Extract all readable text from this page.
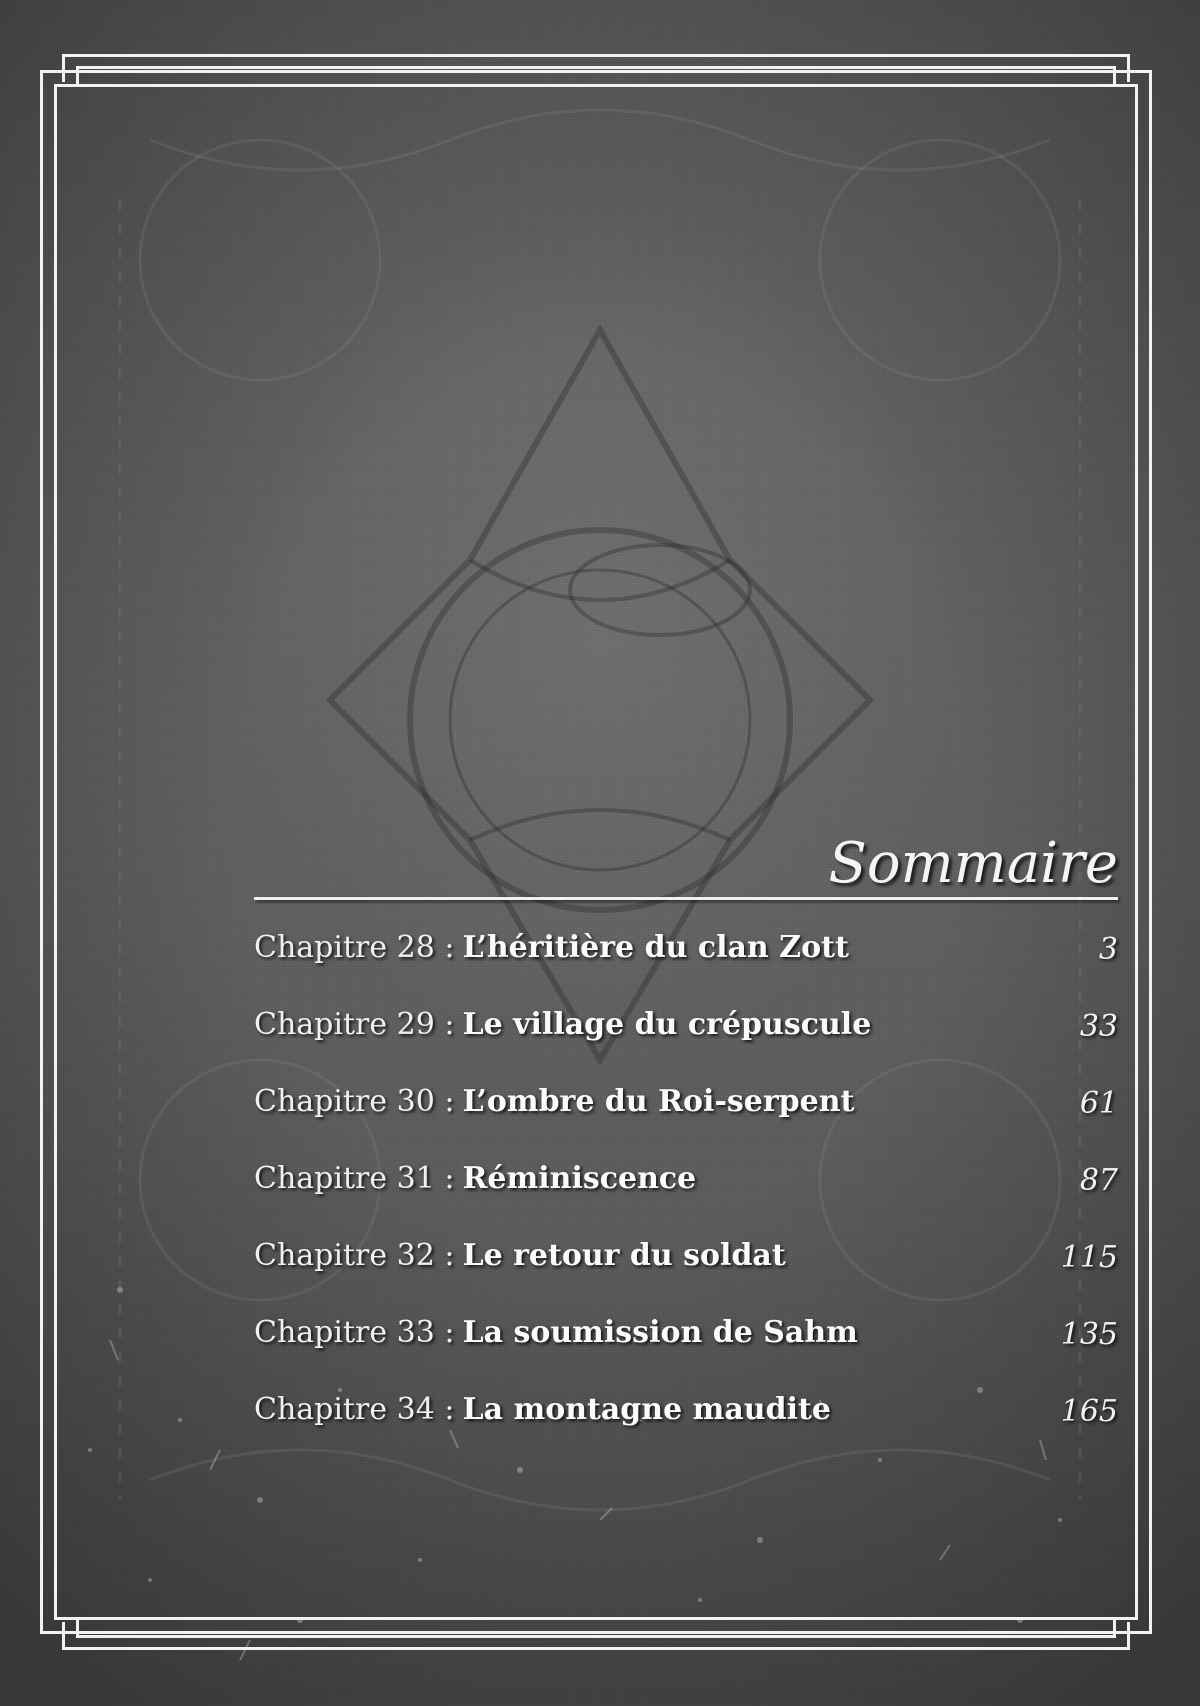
Sommaire
Chapitre 28 : L’héritière du clan Zott	3
Chapitre 29 : Le village du crépuscule	33
Chapitre 30 : L’ombre du Roi-serpent	61
Chapitre 31 : Réminiscence	87
Chapitre 32 : Le retour du soldat	115
Chapitre 33 : La soumission de Sahm	135
Chapitre 34 : La montagne maudite	165
